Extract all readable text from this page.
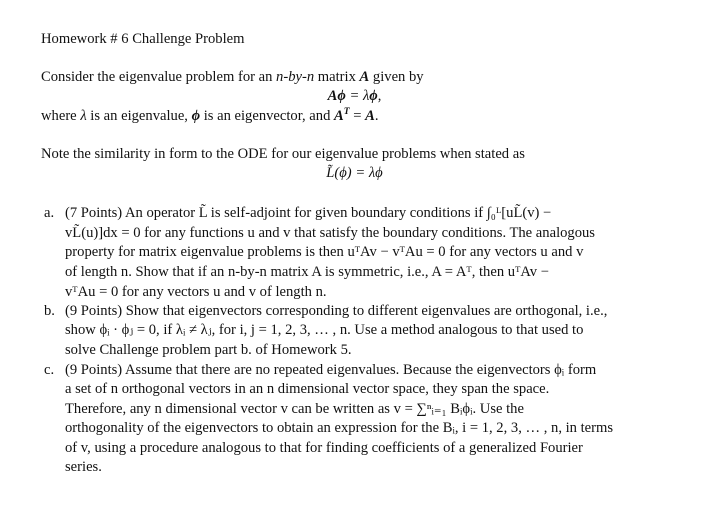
Homework # 6 Challenge Problem
Consider the eigenvalue problem for an n-by-n matrix A given by
Aϕ = λϕ,
where λ is an eigenvalue, ϕ is an eigenvector, and $A^T = A$.
Note the similarity in form to the ODE for our eigenvalue problems when stated as
L̃(ϕ) = λϕ
a. (7 Points) An operator L̃ is self-adjoint for given boundary conditions if ∫₀ᴸ[uL̃(v) −
vL̃(u)]dx = 0 for any functions u and v that satisfy the boundary conditions. The analogous
property for matrix eigenvalue problems is then uᵀAv − vᵀAu = 0 for any vectors u and v
of length n. Show that if an n-by-n matrix A is symmetric, i.e., A = Aᵀ, then uᵀAv −
vᵀAu = 0 for any vectors u and v of length n.
b. (9 Points) Show that eigenvectors corresponding to different eigenvalues are orthogonal, i.e.,
show ϕᵢ · ϕⱼ = 0, if λᵢ ≠ λⱼ, for i, j = 1, 2, 3, … , n. Use a method analogous to that used to
solve Challenge problem part b. of Homework 5.
c. (9 Points) Assume that there are no repeated eigenvalues. Because the eigenvectors ϕᵢ form
a set of n orthogonal vectors in an n dimensional vector space, they span the space.
Therefore, any n dimensional vector v can be written as v = ∑ⁿᵢ₌₁ Bᵢϕᵢ. Use the
orthogonality of the eigenvectors to obtain an expression for the Bᵢ, i = 1, 2, 3, … , n, in terms
of v, using a procedure analogous to that for finding coefficients of a generalized Fourier
series.
